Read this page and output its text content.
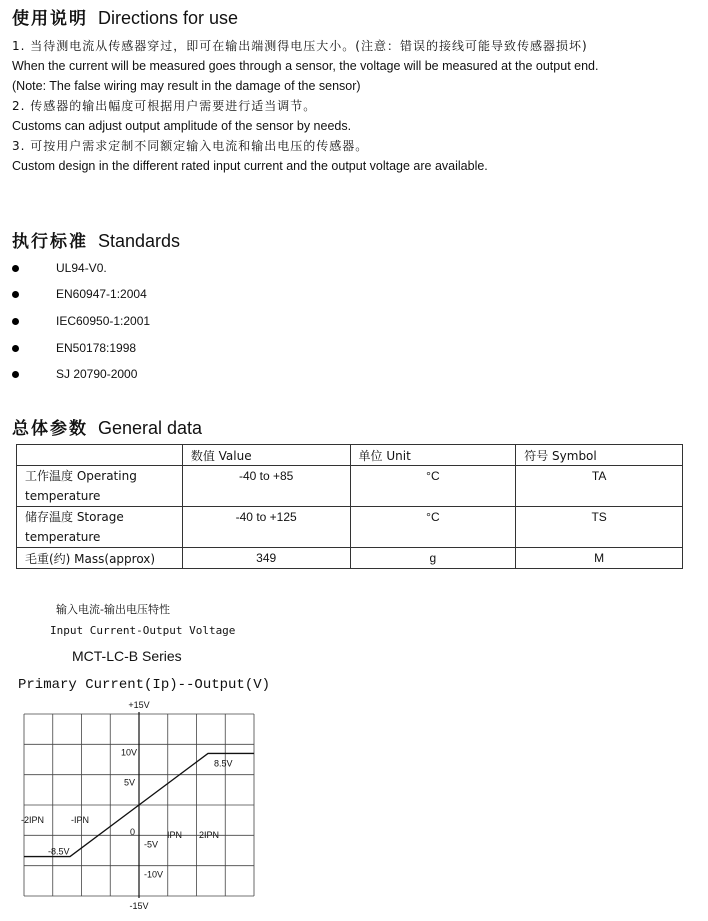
使用说明 Directions for use
1. 当待测电流从传感器穿过，即可在输出端测得电压大小。(注意：错误的接线可能导致传感器损坏)
When the current will be measured goes through a sensor, the voltage will be measured at the output end.
(Note: The false wiring may result in the damage of the sensor)
2. 传感器的输出幅度可根据用户需要进行适当调节。
Customs can adjust output amplitude of the sensor by needs.
3. 可按用户需求定制不同额定输入电流和输出电压的传感器。
Custom design in the different rated input current and the output voltage are available.
执行标准 Standards
UL94-V0.
EN60947-1:2004
IEC60950-1:2001
EN50178:1998
SJ 20790-2000
总体参数 General data
	数值 Value	单位 Unit	符号 Symbol

工作温度 Operating
temperature	-40 to +85	°C	TA

储存温度 Storage
temperature	-40 to +125	°C	TS
毛重(约) Mass(approx)	349	g	M
输入电流-输出电压特性
Input Current-Output Voltage
MCT-LC-B Series
Primary Current(Ip)--Output(V)
+15V
10V
5V
-5V
-10V
-15V
-2IPN	-IPN
0	IPN 2IPN
8.5V
-8.5V
